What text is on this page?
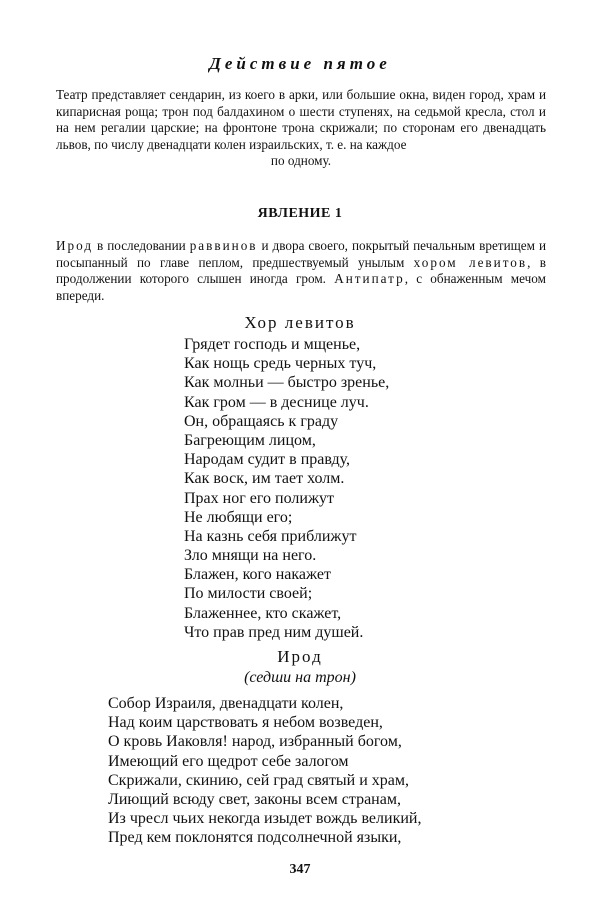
Действие пятое
Театр представляет сендарин, из коего в арки, или большие окна, виден город, храм и кипарисная роща; трон под балдахином о шести ступенях, на седьмой кресла, стол и на нем регалии царские; на фронтоне трона скрижали; по сторонам его двенадцать львов, по числу двенадцати колен израильских, т. е. на каждое
по одному.
ЯВЛЕНИЕ 1
Ирод в последовании раввинов и двора своего, покрытый печальным вретищем и посыпанный по главе пеплом, предшествуемый унылым хором левитов, в продолжении которого слышен иногда гром. Антипатр, с обнаженным мечом впереди.
Хор левитов
Грядет господь и мщенье,
Как нощь средь черных туч,
Как молньи — быстро зренье,
Как гром — в деснице луч.
Он, обращаясь к граду
Багреющим лицом,
Народам судит в правду,
Как воск, им тает холм.
Прах ног его полижут
Не любящи его;
На казнь себя приближут
Зло мнящи на него.
Блажен, кого накажет
По милости своей;
Блаженнее, кто скажет,
Что прав пред ним душей.
Ирод
(седши на трон)
Собор Израиля, двенадцати колен,
Над коим царствовать я небом возведен,
О кровь Иаковля! народ, избранный богом,
Имеющий его щедрот себе залогом
Скрижали, скинию, сей град святый и храм,
Лиющий всюду свет, законы всем странам,
Из чресл чьих некогда изыдет вождь великий,
Пред кем поклонятся подсолнечной языки,
347
